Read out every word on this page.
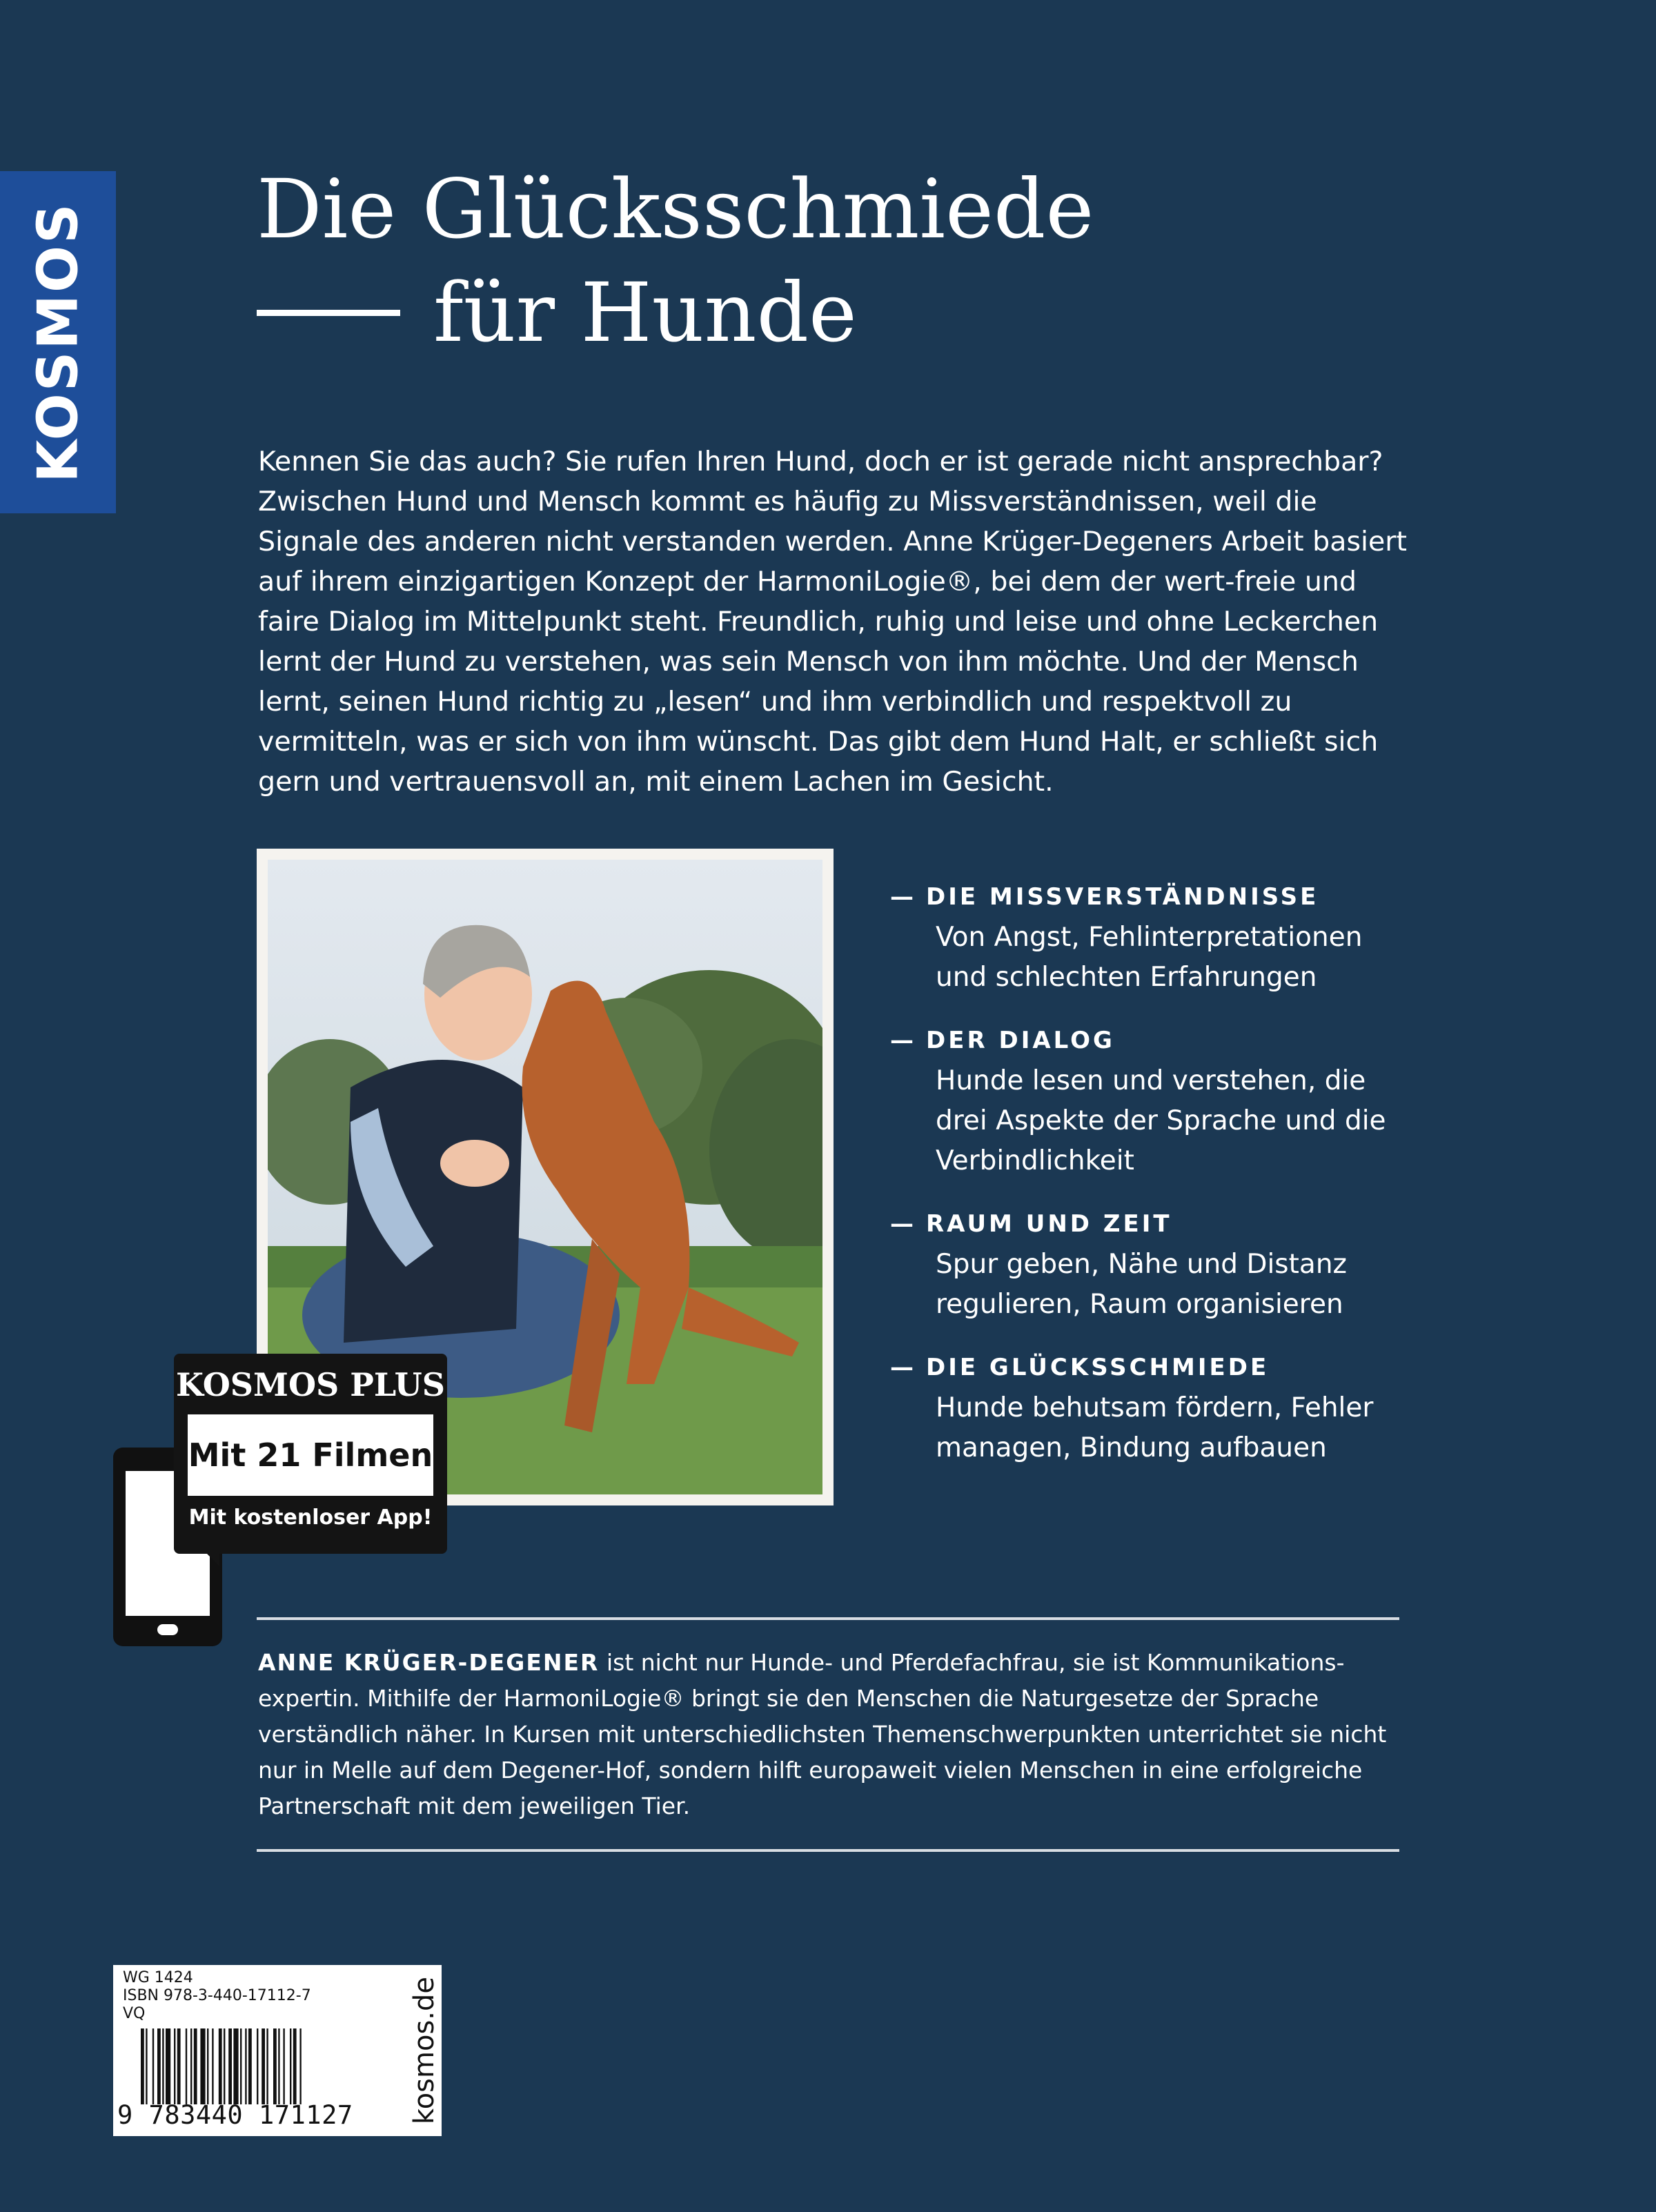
KOSMOS Die Glücksschmiede
für Hunde

Kennen Sie das auch? Sie rufen Ihren Hund, doch er ist gerade nicht ansprechbar? Zwischen Hund und Mensch kommt es häufig zu Missverständnissen, weil die Signale des anderen nicht verstanden werden. Anne Krüger-Degeners Arbeit basiert auf ihrem einzigartigen Konzept der HarmoniLogie®, bei dem der wert-freie und faire Dialog im Mittelpunkt steht. Freundlich, ruhig und leise und ohne Leckerchen lernt der Hund zu verstehen, was sein Mensch von ihm möchte. Und der Mensch lernt, seinen Hund richtig zu „lesen“ und ihm verbindlich und respektvoll zu vermitteln, was er sich von ihm wünscht. Das gibt dem Hund Halt, er schließt sich gern und vertrauensvoll an, mit einem Lachen im Gesicht.

— DIE MISSVERSTÄNDNISSE
Von Angst, Fehlinterpretationen und schlechten Erfahrungen
— DER DIALOG
Hunde lesen und verstehen, die drei Aspekte der Sprache und die Verbindlichkeit
— RAUM UND ZEIT
Spur geben, Nähe und Distanz regulieren, Raum organisieren
— DIE GLÜCKSSCHMIEDE
Hunde behutsam fördern, Fehler managen, Bindung aufbauen
KOSMOS PLUS
Mit 21 Filmen
Mit kostenloser App!

ANNE KRÜGER-DEGENER ist nicht nur Hunde- und Pferdefachfrau, sie ist Kommunikations-expertin. Mithilfe der HarmoniLogie® bringt sie den Menschen die Naturgesetze der Sprache verständlich näher. In Kursen mit unterschiedlichsten Themenschwerpunkten unterrichtet sie nicht nur in Melle auf dem Degener-Hof, sondern hilft europaweit vielen Menschen in eine erfolgreiche Partnerschaft mit dem jeweiligen Tier.

WG 1424
ISBN 978-3-440-17112-7
VQ
9 783440 171127 kosmos.de
